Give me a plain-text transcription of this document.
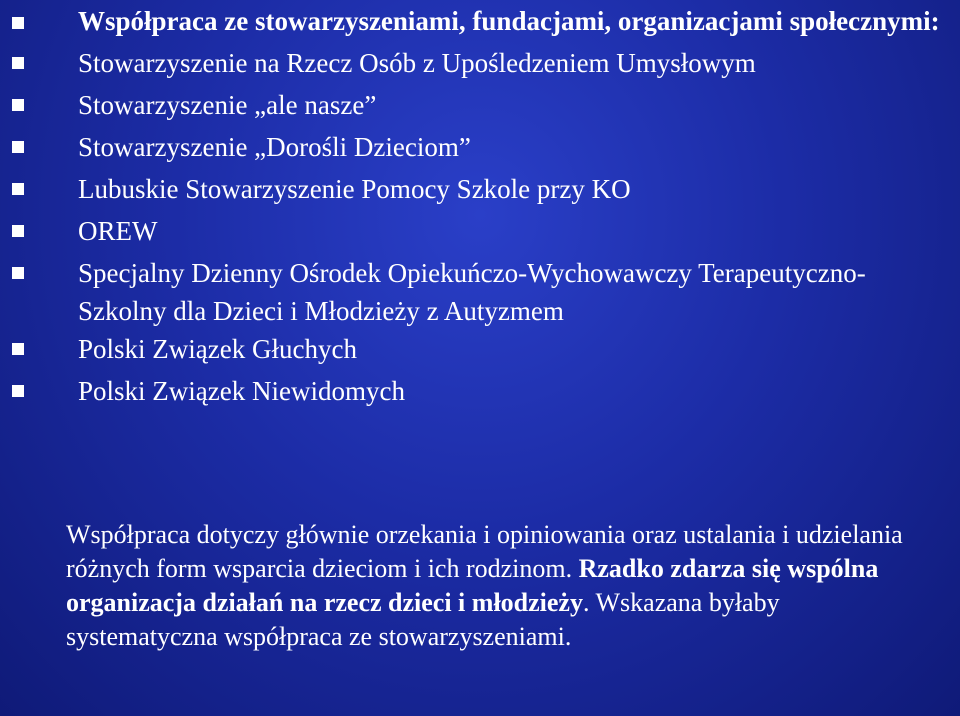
Współpraca ze stowarzyszeniami, fundacjami, organizacjami społecznymi:
Stowarzyszenie na Rzecz Osób z Upośledzeniem Umysłowym
Stowarzyszenie „ale nasze”
Stowarzyszenie „Dorośli Dzieciom”
Lubuskie Stowarzyszenie Pomocy Szkole przy KO
OREW
Specjalny Dzienny Ośrodek Opiekuńczo-Wychowawczy Terapeutyczno-Szkolny dla Dzieci i Młodzieży z Autyzmem
Polski Związek Głuchych
Polski Związek Niewidomych

Współpraca dotyczy głównie orzekania i opiniowania oraz ustalania i udzielania różnych form wsparcia dzieciom i ich rodzinom. Rzadko zdarza się wspólna organizacja działań na rzecz dzieci i młodzieży. Wskazana byłaby systematyczna współpraca ze stowarzyszeniami.
